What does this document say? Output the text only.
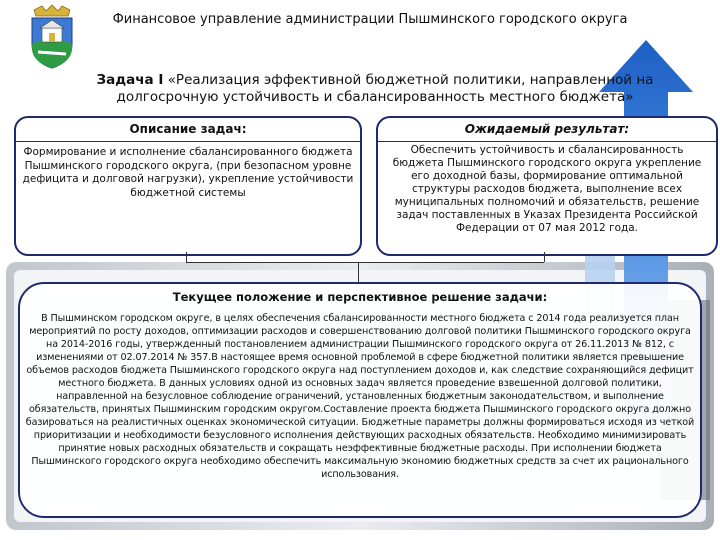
Финансовое управление администрации Пышминского городского округа
Задача I «Реализация эффективной бюджетной политики, направленной на долгосрочную устойчивость и сбалансированность местного бюджета»
Описание задач:
Формирование и исполнение сбалансированного бюджета Пышминского городского округа, (при безопасном уровне дефицита и долговой нагрузки), укрепление устойчивости бюджетной системы
Ожидаемый результат:
Обеспечить устойчивость и сбалансированность бюджета Пышминского городского округа укрепление его доходной базы, формирование оптимальной структуры расходов бюджета, выполнение всех муниципальных полномочий и обязательств, решение задач поставленных в Указах Президента Российской Федерации от 07 мая 2012 года.
Текущее положение и перспективное решение задачи:
В Пышминском городском округе, в целях обеспечения сбалансированности местного бюджета с 2014 года реализуется план мероприятий по росту доходов, оптимизации расходов и совершенствованию долговой политики Пышминского городского округа на 2014-2016 годы, утвержденный постановлением администрации Пышминского городского округа от 26.11.2013 № 812, с изменениями от 02.07.2014 № 357.В настоящее время основной проблемой в сфере бюджетной политики является превышение объемов расходов бюджета Пышминского городского округа над поступлением доходов и, как следствие сохраняющийся дефицит местного бюджета. В данных условиях одной из основных задач является проведение взвешенной долговой политики, направленной на безусловное соблюдение ограничений, установленных бюджетным законодательством, и выполнение обязательств, принятых Пышминским городским округом.Составление проекта бюджета Пышминского городского округа должно базироваться на реалистичных оценках экономической ситуации. Бюджетные параметры должны формироваться исходя из четкой приоритизации и необходимости безусловного исполнения действующих расходных обязательств. Необходимо минимизировать принятие новых расходных обязательств и сокращать неэффективные бюджетные расходы. При исполнении бюджета Пышминского городского округа необходимо обеспечить максимальную экономию бюджетных средств за счет их рационального использования.
